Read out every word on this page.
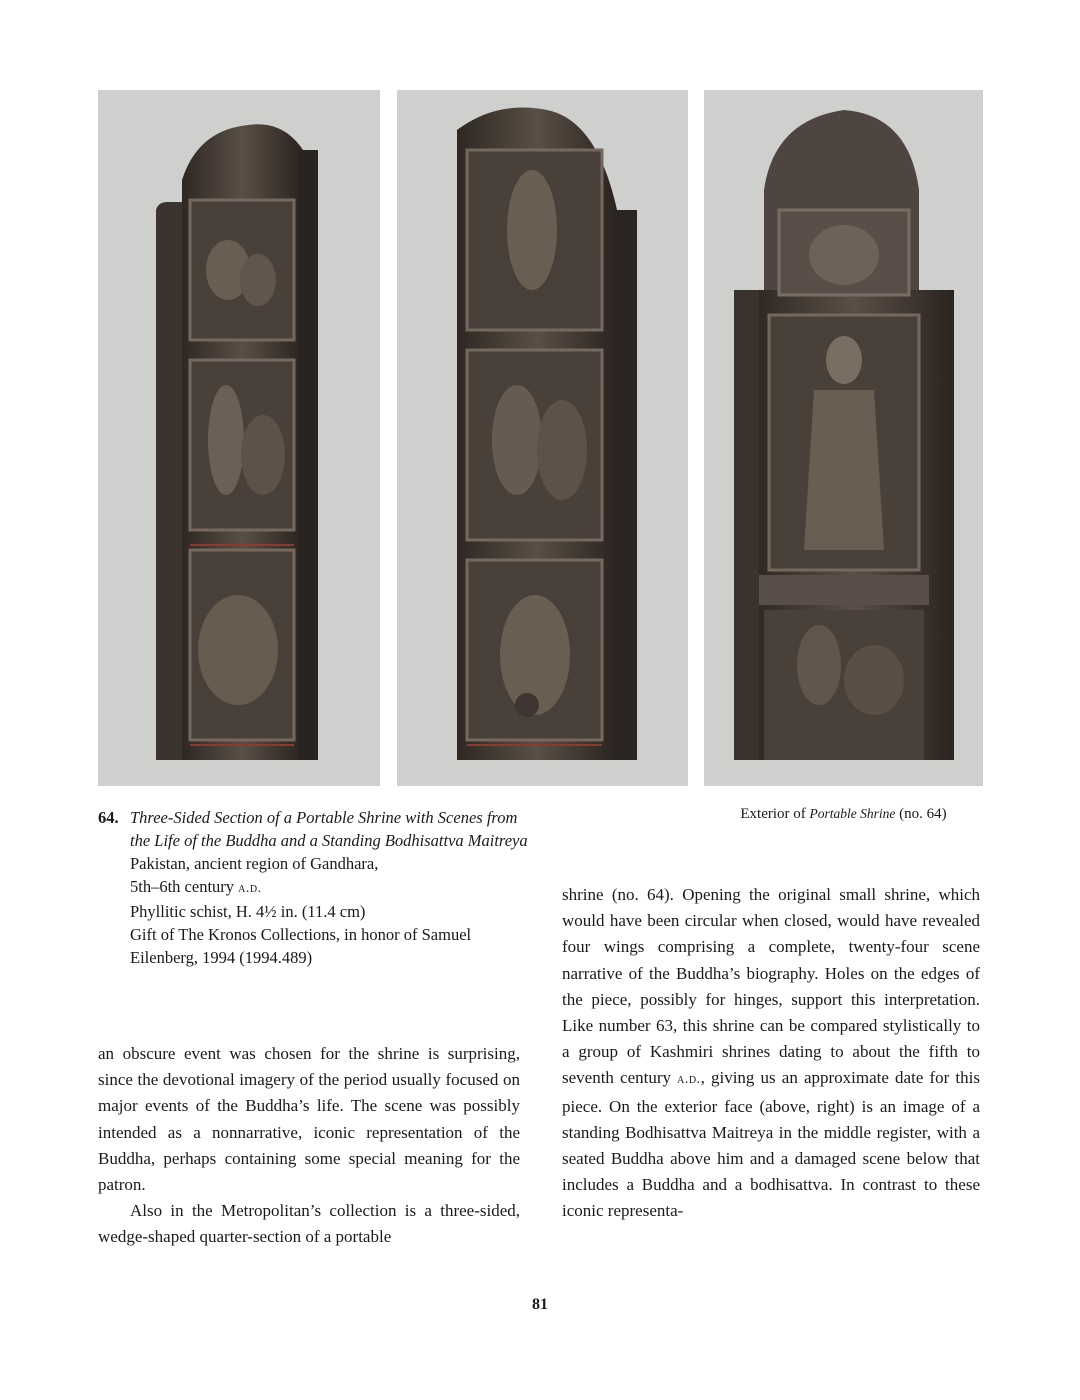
64. Three-Sided Section of a Portable Shrine with Scenes from
the Life of the Buddha and a Standing Bodhisattva Maitreya
Pakistan, ancient region of Gandhara,
5th–6th century a.d.
Phyllitic schist, H. 4½ in. (11.4 cm)
Gift of The Kronos Collections, in honor of Samuel
Eilenberg, 1994 (1994.489)
Exterior of Portable Shrine (no. 64)

an obscure event was chosen for the shrine is surprising, since the devotional imagery of the period usually focused on major events of the Buddha’s life. The scene was possibly intended as a nonnarrative, iconic representation of the Buddha, perhaps containing some special meaning for the patron.

Also in the Metropolitan’s collection is a three-sided, wedge-shaped quarter-section of a portable

shrine (no. 64). Opening the original small shrine, which would have been circular when closed, would have revealed four wings comprising a complete, twenty-four scene narrative of the Buddha’s biography. Holes on the edges of the piece, possibly for hinges, support this interpretation. Like number 63, this shrine can be compared stylistically to a group of Kashmiri shrines dating to about the fifth to seventh century a.d., giving us an approximate date for this piece. On the exterior face (above, right) is an image of a standing Bodhisattva Maitreya in the middle register, with a seated Buddha above him and a damaged scene below that includes a Buddha and a bodhisattva. In contrast to these iconic representa-

81
